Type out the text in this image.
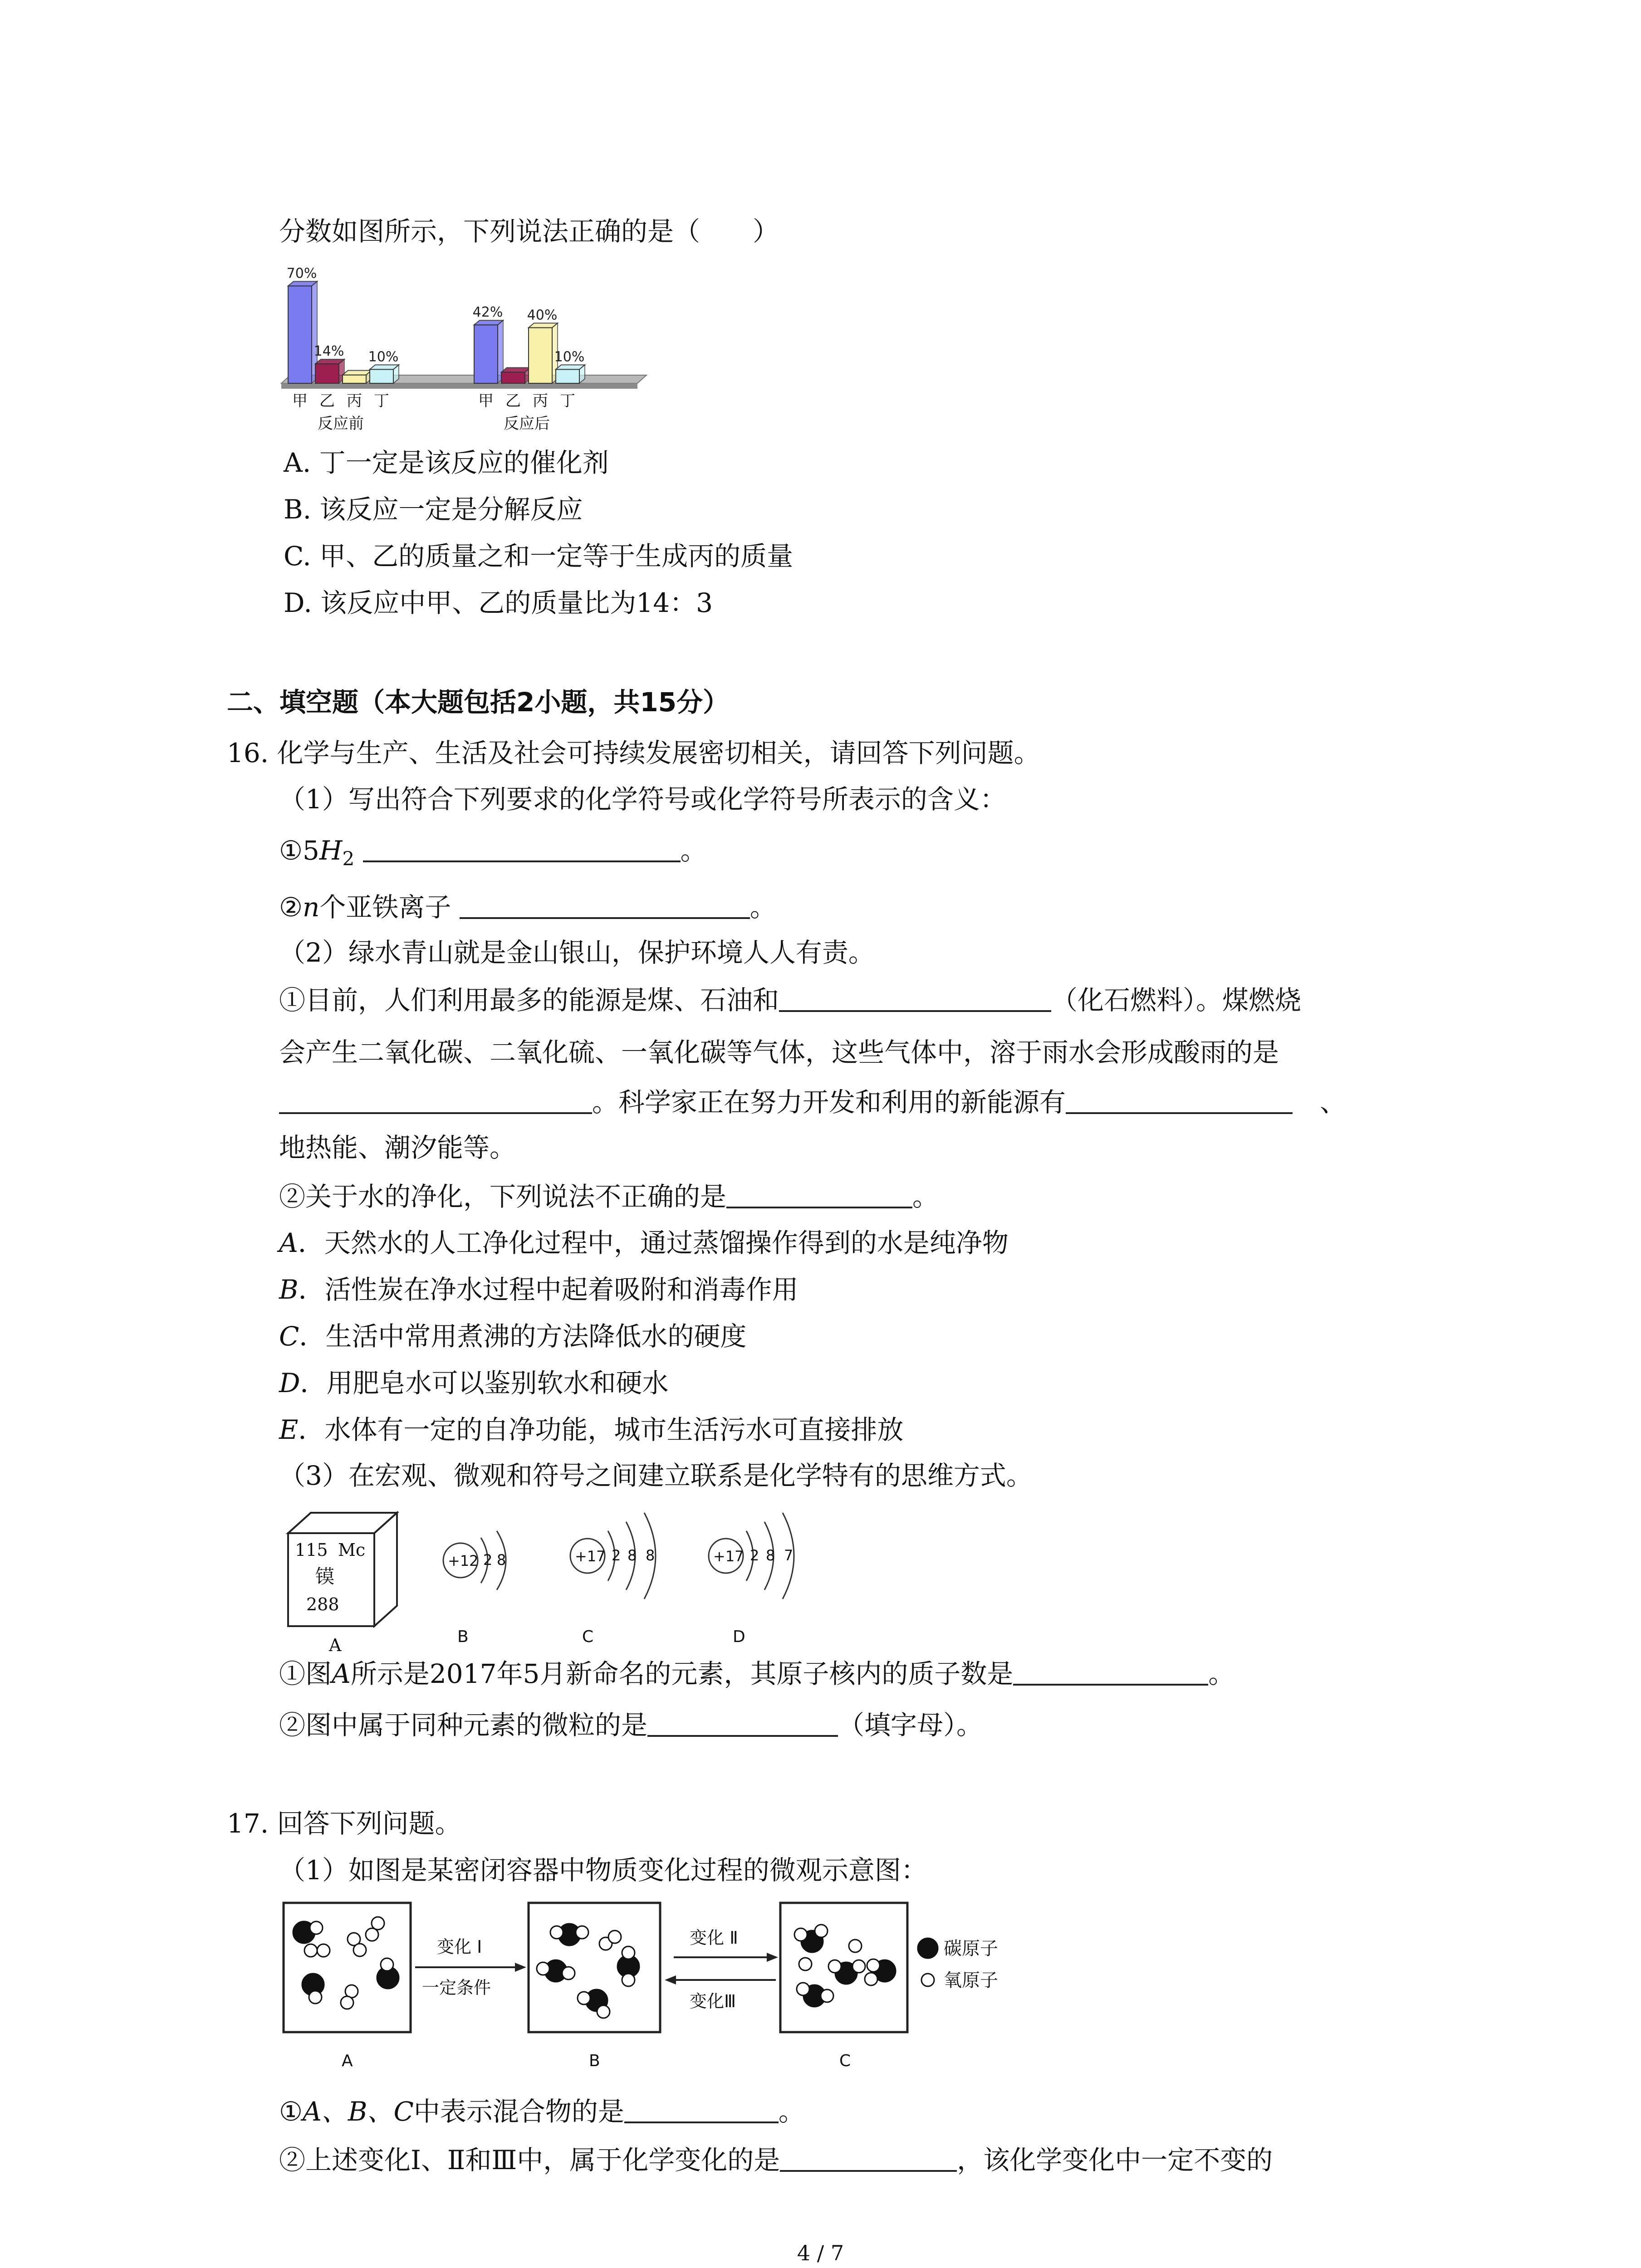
分数如图所示，下列说法正确的是（　　）
70%
甲
14%
乙 丙
10%
丁
反应前
42%
甲 乙
40%
丙
10%
丁
反应后
A. 丁一定是该反应的催化剂
B. 该反应一定是分解反应
C. 甲、乙的质量之和一定等于生成丙的质量
D. 该反应中甲、乙的质量比为14：3
二、填空题（本大题包括2小题，共15分）
16. 化学与生产、生活及社会可持续发展密切相关，请回答下列问题。
（1）写出符合下列要求的化学符号或化学符号所表示的含义：
$①5H_2$	。
②n个亚铁离子	。
（2）绿水青山就是金山银山，保护环境人人有责。
①目前，人们利用最多的能源是煤、石油和	（化石燃料）。煤燃烧
会产生二氧化碳、二氧化硫、一氧化碳等气体，这些气体中，溶于雨水会形成酸雨的是
。科学家正在努力开发和利用的新能源有	、
地热能、潮汐能等。
②关于水的净化，下列说法不正确的是	。
A．天然水的人工净化过程中，通过蒸馏操作得到的水是纯净物
B．活性炭在净水过程中起着吸附和消毒作用
C．生活中常用煮沸的方法降低水的硬度
D．用肥皂水可以鉴别软水和硬水
E．水体有一定的自净功能，城市生活污水可直接排放
（3）在宏观、微观和符号之间建立联系是化学特有的思维方式。
115 Mc
镆
288
A
+12 2 8
B
+17 2 8 8
C
+17 2 8 7
D
①图A所示是2017年5月新命名的元素，其原子核内的质子数是	。
②图中属于同种元素的微粒的是	（填字母）。
17. 回答下列问题。
（1）如图是某密闭容器中物质变化过程的微观示意图：
A
变化 Ⅰ
一定条件
B
变化 Ⅱ
变化Ⅲ
C
碳原子
氧原子
①A、B、C中表示混合物的是	。
②上述变化Ⅰ、Ⅱ和Ⅲ中，属于化学变化的是	，该化学变化中一定不变的
4 / 7
